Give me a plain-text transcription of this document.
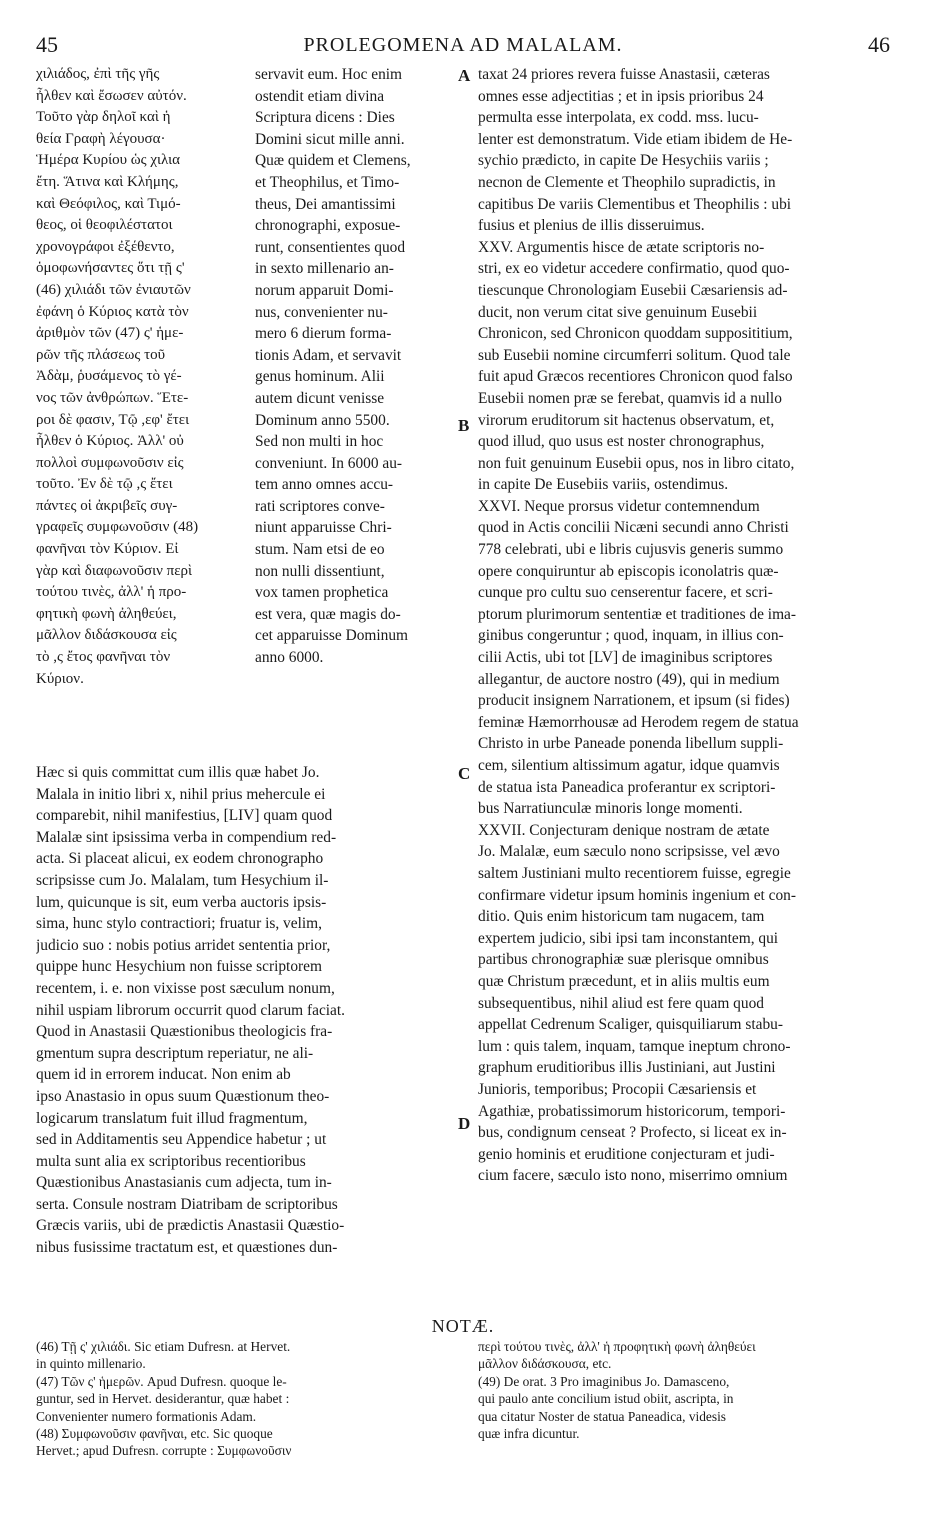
45	PROLEGOMENA AD MALALAM.	46
χιλιάδος, ἐπὶ τῆς γῆς
ἦλθεν καὶ ἔσωσεν αὐτόν.
Τοῦτο γὰρ δηλοῖ καὶ ἡ
θεία Γραφὴ λέγουσα·
Ἡμέρα Κυρίου ὡς χιλια
ἔτη. Ἅτινα καὶ Κλήμης,
καὶ Θεόφιλος, καὶ Τιμό-
θεος, οἱ θεοφιλέστατοι
χρονογράφοι ἐξέθεντο,
ὁμοφωνήσαντες ὅτι τῇ ς'
(46) χιλιάδι τῶν ἐνιαυτῶν
ἐφάνη ὁ Κύριος κατὰ τὸν
ἀριθμὸν τῶν (47) ς' ἡμε-
ρῶν τῆς πλάσεως τοῦ
Ἀδὰμ, ῥυσάμενος τὸ γέ-
νος τῶν ἀνθρώπων. Ἕτε-
ροι δὲ φασιν, Τῷ ,εφ' ἔτει
ἦλθεν ὁ Κύριος. Ἀλλ' οὐ
πολλοὶ συμφωνοῦσιν εἰς
τοῦτο. Ἐν δὲ τῷ ,ς ἔτει
πάντες οἱ ἀκριβεῖς συγ-
γραφεῖς συμφωνοῦσιν (48)
φανῆναι τὸν Κύριον. Εἰ
γὰρ καὶ διαφωνοῦσιν περὶ
τούτου τινὲς, ἀλλ' ἡ προ-
φητικὴ φωνὴ ἀληθεύει,
μᾶλλον διδάσκουσα εἰς
τὸ ,ς ἔτος φανῆναι τὸν
Κύριον.
servavit eum. Hoc enim
ostendit etiam divina
Scriptura dicens : Dies
Domini sicut mille anni.
Quæ quidem et Clemens,
et Theophilus, et Timo-
theus, Dei amantissimi
chronographi, exposue-
runt, consentientes quod
in sexto millenario an-
norum apparuit Domi-
nus, convenienter nu-
mero 6 dierum forma-
tionis Adam, et servavit
genus hominum. Alii
autem dicunt venisse
Dominum anno 5500.
Sed non multi in hoc
conveniunt. In 6000 au-
tem anno omnes accu-
rati scriptores conve-
niunt apparuisse Chri-
stum. Nam etsi de eo
non nulli dissentiunt,
vox tamen prophetica
est vera, quæ magis do-
cet apparuisse Dominum
anno 6000.
Hæc si quis committat cum illis quæ habet Jo.
Malala in initio libri x, nihil prius mehercule ei
comparebit, nihil manifestius, [LIV] quam quod
Malalæ sint ipsissima verba in compendium red-
acta. Si placeat alicui, ex eodem chronographo
scripsisse cum Jo. Malalam, tum Hesychium il-
lum, quicunque is sit, eum verba auctoris ipsis-
sima, hunc stylo contractiori; fruatur is, velim,
judicio suo : nobis potius arridet sententia prior,
quippe hunc Hesychium non fuisse scriptorem
recentem, i. e. non vixisse post sæculum nonum,
nihil uspiam librorum occurrit quod clarum faciat.
Quod in Anastasii Quæstionibus theologicis fra-
gmentum supra descriptum reperiatur, ne ali-
quem id in errorem inducat. Non enim ab
ipso Anastasio in opus suum Quæstionum theo-
logicarum translatum fuit illud fragmentum,
sed in Additamentis seu Appendice habetur ; ut
multa sunt alia ex scriptoribus recentioribus
Quæstionibus Anastasianis cum adjecta, tum in-
serta. Consule nostram Diatribam de scriptoribus
Græcis variis, ubi de prædictis Anastasii Quæstio-
nibus fusissime tractatum est, et quæstiones dun-
taxat 24 priores revera fuisse Anastasii, cæteras
omnes esse adjectitias ; et in ipsis prioribus 24
permulta esse interpolata, ex codd. mss. lucu-
lenter est demonstratum. Vide etiam ibidem de He-
sychio prædicto, in capite De Hesychiis variis ;
necnon de Clemente et Theophilo supradictis, in
capitibus De variis Clementibus et Theophilis : ubi
fusius et plenius de illis disseruimus.
XXV. Argumentis hisce de ætate scriptoris no-
stri, ex eo videtur accedere confirmatio, quod quo-
tiescunque Chronologiam Eusebii Cæsariensis ad-
ducit, non verum citat sive genuinum Eusebii
Chronicon, sed Chronicon quoddam supposititium,
sub Eusebii nomine circumferri solitum. Quod tale
fuit apud Græcos recentiores Chronicon quod falso
Eusebii nomen præ se ferebat, quamvis id a nullo
virorum eruditorum sit hactenus observatum, et,
quod illud, quo usus est noster chronographus,
non fuit genuinum Eusebii opus, nos in libro citato,
in capite De Eusebiis variis, ostendimus.
XXVI. Neque prorsus videtur contemnendum
quod in Actis concilii Nicæni secundi anno Christi
778 celebrati, ubi e libris cujusvis generis summo
opere conquiruntur ab episcopis iconolatris quæ-
cunque pro cultu suo censerentur facere, et scri-
ptorum plurimorum sententiæ et traditiones de ima-
ginibus congeruntur ; quod, inquam, in illius con-
cilii Actis, ubi tot [LV] de imaginibus scriptores
allegantur, de auctore nostro (49), qui in medium
producit insignem Narrationem, et ipsum (si fides)
feminæ Hæmorrhousæ ad Herodem regem de statua
Christo in urbe Paneade ponenda libellum suppli-
cem, silentium altissimum agatur, idque quamvis
de statua ista Paneadica proferantur ex scriptori-
bus Narratiunculæ minoris longe momenti.
XXVII. Conjecturam denique nostram de ætate
Jo. Malalæ, eum sæculo nono scripsisse, vel ævo
saltem Justiniani multo recentiorem fuisse, egregie
confirmare videtur ipsum hominis ingenium et con-
ditio. Quis enim historicum tam nugacem, tam
expertem judicio, sibi ipsi tam inconstantem, qui
partibus chronographiæ suæ plerisque omnibus
quæ Christum præcedunt, et in aliis multis eum
subsequentibus, nihil aliud est fere quam quod
appellat Cedrenum Scaliger, quisquiliarum stabu-
lum : quis talem, inquam, tamque ineptum chrono-
graphum eruditioribus illis Justiniani, aut Justini
Junioris, temporibus; Procopii Cæsariensis et
Agathiæ, probatissimorum historicorum, tempori-
bus, condignum censeat ? Profecto, si liceat ex in-
genio hominis et eruditione conjecturam et judi-
cium facere, sæculo isto nono, miserrimo omnium
A
B
C
D
NOTÆ.
(46) Τῇ ς' χιλιάδι. Sic etiam Dufresn. at Hervet.
in quinto millenario.
(47) Τῶν ς' ἡμερῶν. Apud Dufresn. quoque le-
guntur, sed in Hervet. desiderantur, quæ habet :
Convenienter numero formationis Adam.
(48) Συμφωνοῦσιν φανῆναι, etc. Sic quoque
Hervet.; apud Dufresn. corrupte : Συμφωνοῦσιν
περὶ τούτου τινὲς, ἀλλ' ἡ προφητικὴ φωνὴ ἀληθεύει
μᾶλλον διδάσκουσα, etc.
(49) De orat. 3 Pro imaginibus Jo. Damasceno,
qui paulo ante concilium istud obiit, ascripta, in
qua citatur Noster de statua Paneadica, videsis
quæ infra dicuntur.
